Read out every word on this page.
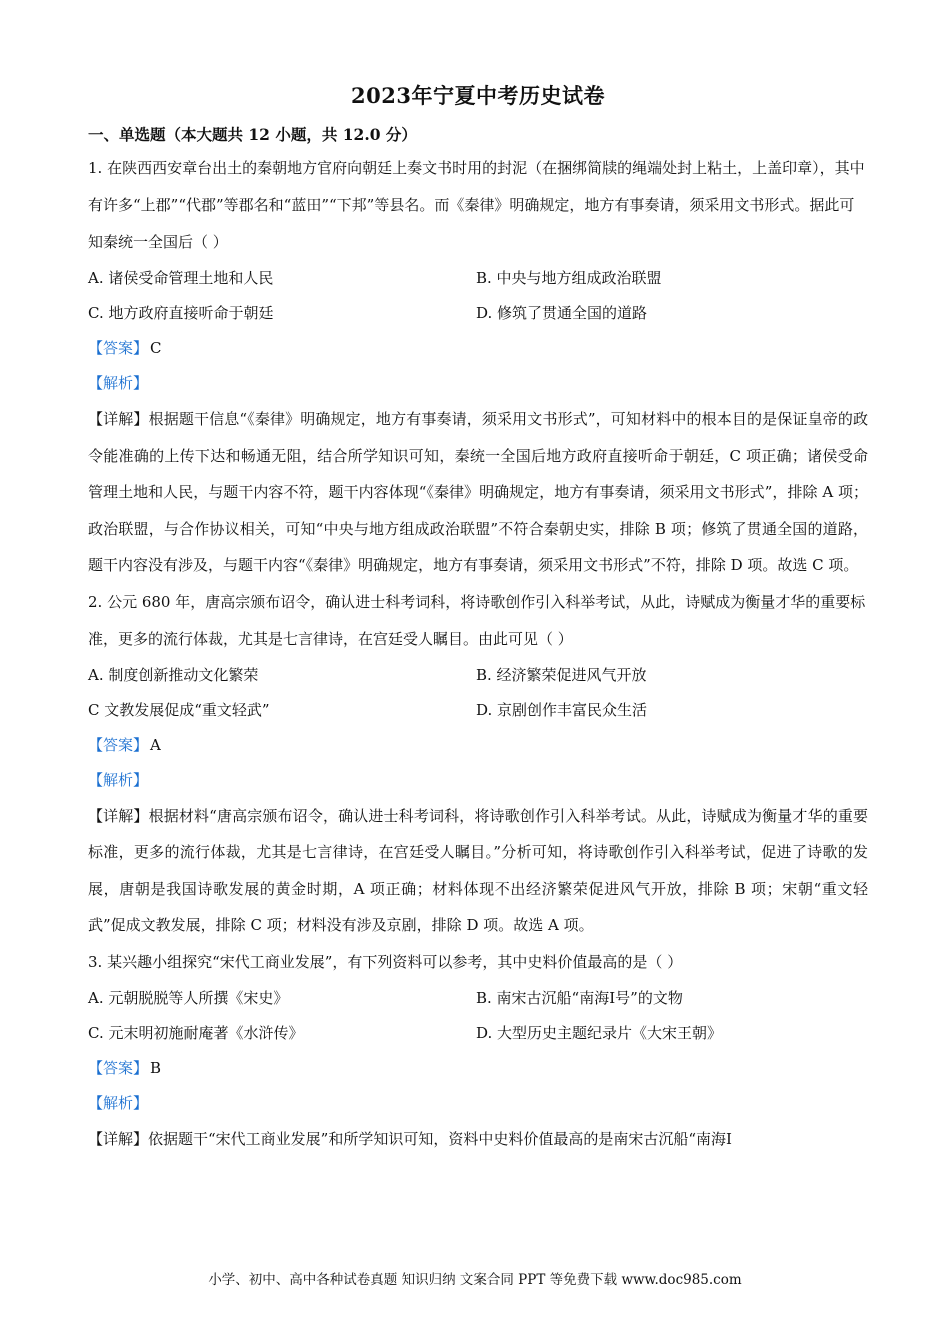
2023年宁夏中考历史试卷
一、单选题（本大题共 12 小题，共 12.0 分）

1. 在陕西西安章台出土的秦朝地方官府向朝廷上奏文书时用的封泥（在捆绑简牍的绳端处封上粘土，上盖印章），其中有许多“上郡”“代郡”等郡名和“蓝田”“下邦”等县名。而《秦律》明确规定，地方有事奏请，须采用文书形式。据此可知秦统一全国后（ ）

A. 诸侯受命管理土地和人民	B. 中央与地方组成政治联盟
C. 地方政府直接听命于朝廷	D. 修筑了贯通全国的道路
【答案】 C
【解析】

【详解】根据题干信息“《秦律》明确规定，地方有事奏请，须采用文书形式”，可知材料中的根本目的是保证皇帝的政令能准确的上传下达和畅通无阻，结合所学知识可知，秦统一全国后地方政府直接听命于朝廷，C 项正确；诸侯受命管理土地和人民，与题干内容不符，题干内容体现“《秦律》明确规定，地方有事奏请，须采用文书形式”，排除 A 项；政治联盟，与合作协议相关，可知“中央与地方组成政治联盟”不符合秦朝史实，排除 B 项；修筑了贯通全国的道路，题干内容没有涉及，与题干内容“《秦律》明确规定，地方有事奏请，须采用文书形式”不符，排除 D 项。故选 C 项。

2. 公元 680 年，唐高宗颁布诏令，确认进士科考词科，将诗歌创作引入科举考试，从此，诗赋成为衡量才华的重要标准，更多的流行体裁，尤其是七言律诗，在宫廷受人瞩目。由此可见（ ）

A. 制度创新推动文化繁荣	B. 经济繁荣促进风气开放
C 文教发展促成“重文轻武”	D. 京剧创作丰富民众生活
【答案】 A
【解析】

【详解】根据材料“唐高宗颁布诏令，确认进士科考词科，将诗歌创作引入科举考试。从此，诗赋成为衡量才华的重要标准，更多的流行体裁，尤其是七言律诗，在宫廷受人瞩目。”分析可知，将诗歌创作引入科举考试，促进了诗歌的发展，唐朝是我国诗歌发展的黄金时期，A 项正确；材料体现不出经济繁荣促进风气开放，排除 B 项；宋朝“重文轻武”促成文教发展，排除 C 项；材料没有涉及京剧，排除 D 项。故选 A 项。

3. 某兴趣小组探究“宋代工商业发展”，有下列资料可以参考，其中史料价值最高的是（ ）

A. 元朝脱脱等人所撰《宋史》	B. 南宋古沉船“南海Ⅰ号”的文物
C. 元末明初施耐庵著《水浒传》	D. 大型历史主题纪录片《大宋王朝》
【答案】 B
【解析】

【详解】依据题干“宋代工商业发展”和所学知识可知，资料中史料价值最高的是南宋古沉船“南海Ⅰ

小学、初中、高中各种试卷真题 知识归纳 文案合同 PPT 等免费下载 www.doc985.com
